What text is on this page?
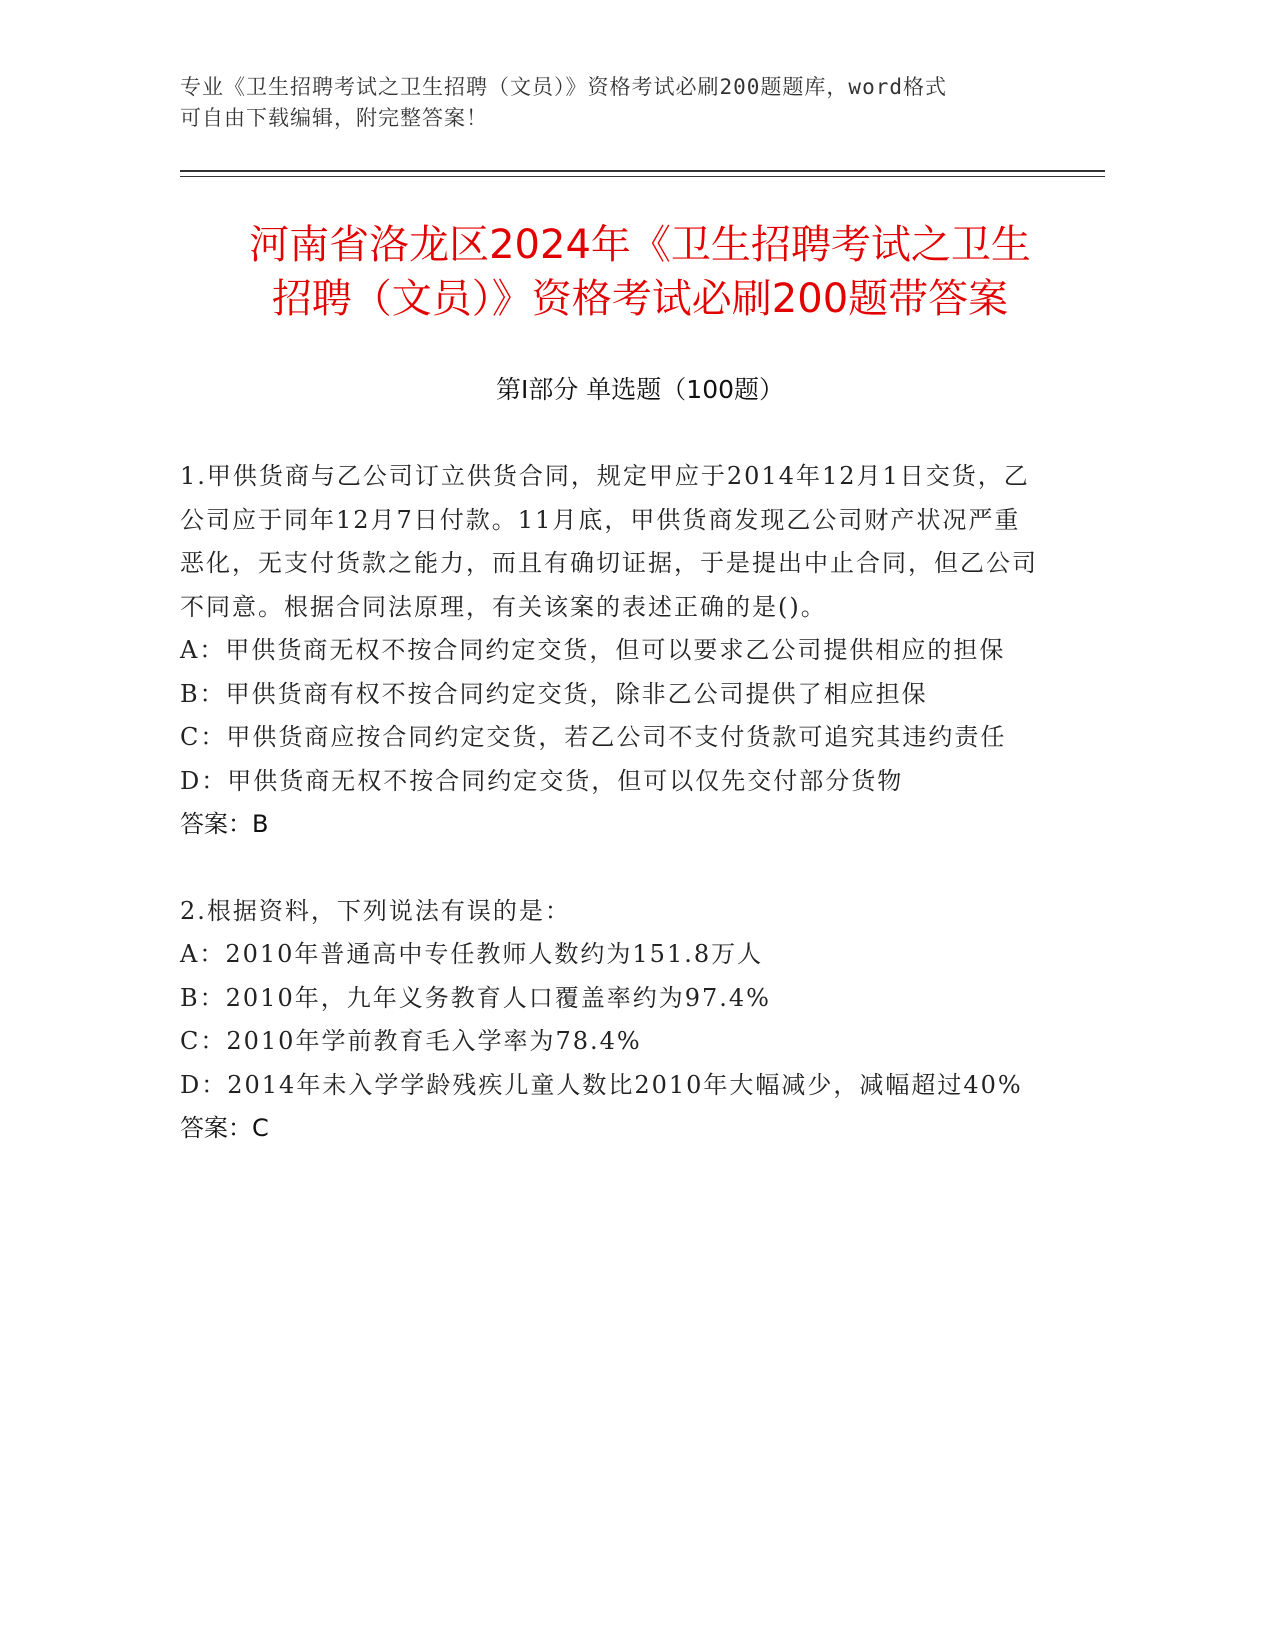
专业《卫生招聘考试之卫生招聘（文员）》资格考试必刷200题题库，word格式
可自由下载编辑，附完整答案！
河南省洛龙区2024年《卫生招聘考试之卫生
招聘（文员）》资格考试必刷200题带答案
第Ⅰ部分 单选题（100题）
1.甲供货商与乙公司订立供货合同，规定甲应于2014年12月1日交货，乙公司应于同年12月7日付款。11月底，甲供货商发现乙公司财产状况严重恶化，无支付货款之能力，而且有确切证据，于是提出中止合同，但乙公司不同意。根据合同法原理，有关该案的表述正确的是()。
A：甲供货商无权不按合同约定交货，但可以要求乙公司提供相应的担保
B：甲供货商有权不按合同约定交货，除非乙公司提供了相应担保
C：甲供货商应按合同约定交货，若乙公司不支付货款可追究其违约责任
D：甲供货商无权不按合同约定交货，但可以仅先交付部分货物
答案：B
2.根据资料，下列说法有误的是：
A：2010年普通高中专任教师人数约为151.8万人
B：2010年，九年义务教育人口覆盖率约为97.4%
C：2010年学前教育毛入学率为78.4%
D：2014年未入学学龄残疾儿童人数比2010年大幅减少，减幅超过40%
答案：C
